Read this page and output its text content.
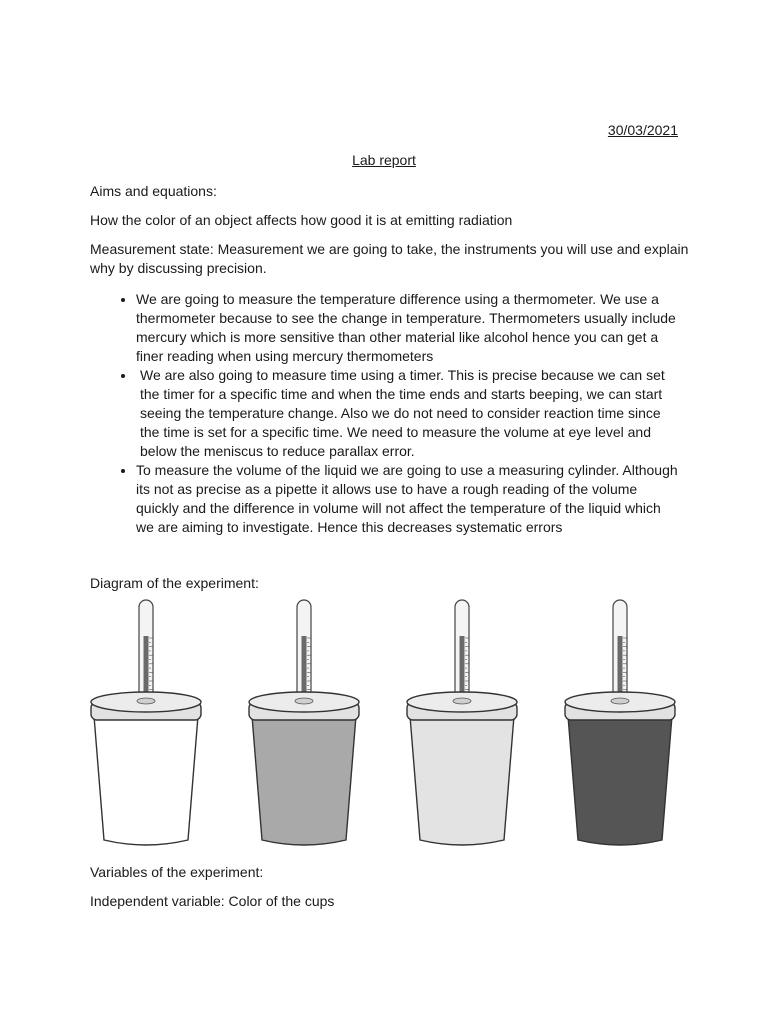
30/03/2021
Lab report

Aims and equations:

How the color of an object affects how good it is at emitting radiation

Measurement state: Measurement we are going to take, the instruments you will use and explain why by discussing precision.

• We are going to measure the temperature difference using a thermometer. We use a thermometer because to see the change in temperature. Thermometers usually include mercury which is more sensitive than other material like alcohol hence you can get a finer reading when using mercury thermometers
• We are also going to measure time using a timer. This is precise because we can set the timer for a specific time and when the time ends and starts beeping, we can start seeing the temperature change. Also we do not need to consider reaction time since the time is set for a specific time. We need to measure the volume at eye level and below the meniscus to reduce parallax error.
• To measure the volume of the liquid we are going to use a measuring cylinder. Although its not as precise as a pipette it allows use to have a rough reading of the volume quickly and the difference in volume will not affect the temperature of the liquid which we are aiming to investigate. Hence this decreases systematic errors

Diagram of the experiment:

Variables of the experiment:

Independent variable: Color of the cups
